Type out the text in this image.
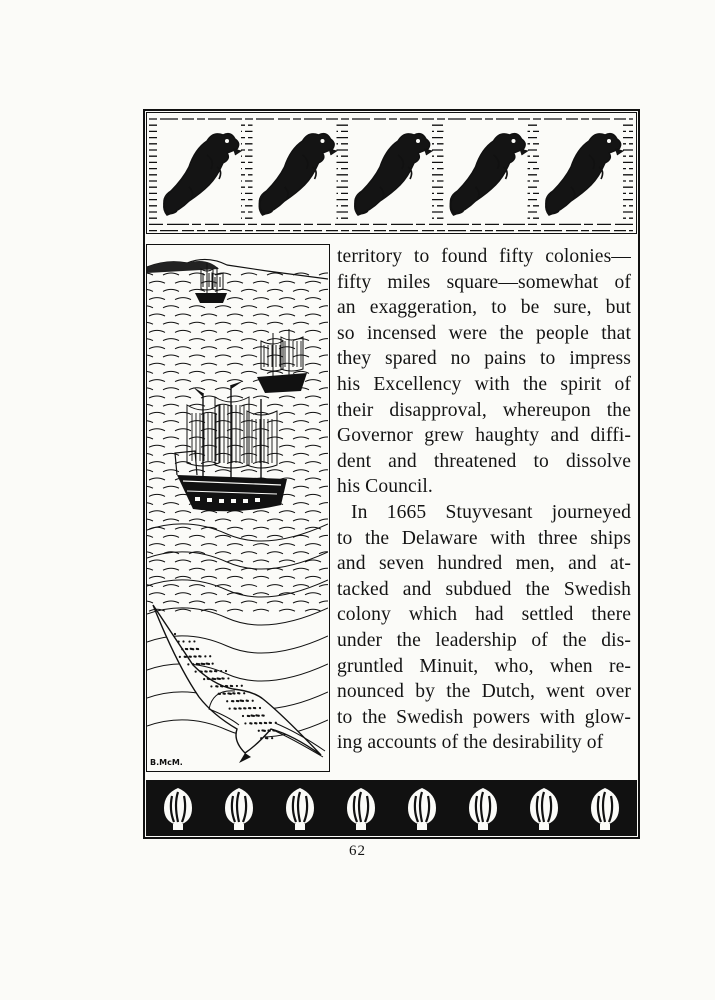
B.McM.
territory to found fifty colonies—
fifty miles square—somewhat of
an exaggeration, to be sure, but
so incensed were the people that
they spared no pains to impress
his Excellency with the spirit of
their disapproval, whereupon the
Governor grew haughty and diffi-
dent and threatened to dissolve
his Council.
In 1665 Stuyvesant journeyed
to the Delaware with three ships
and seven hundred men, and at-
tacked and subdued the Swedish
colony which had settled there
under the leadership of the dis-
gruntled Minuit, who, when re-
nounced by the Dutch, went over
to the Swedish powers with glow-
ing accounts of the desirability of
62
